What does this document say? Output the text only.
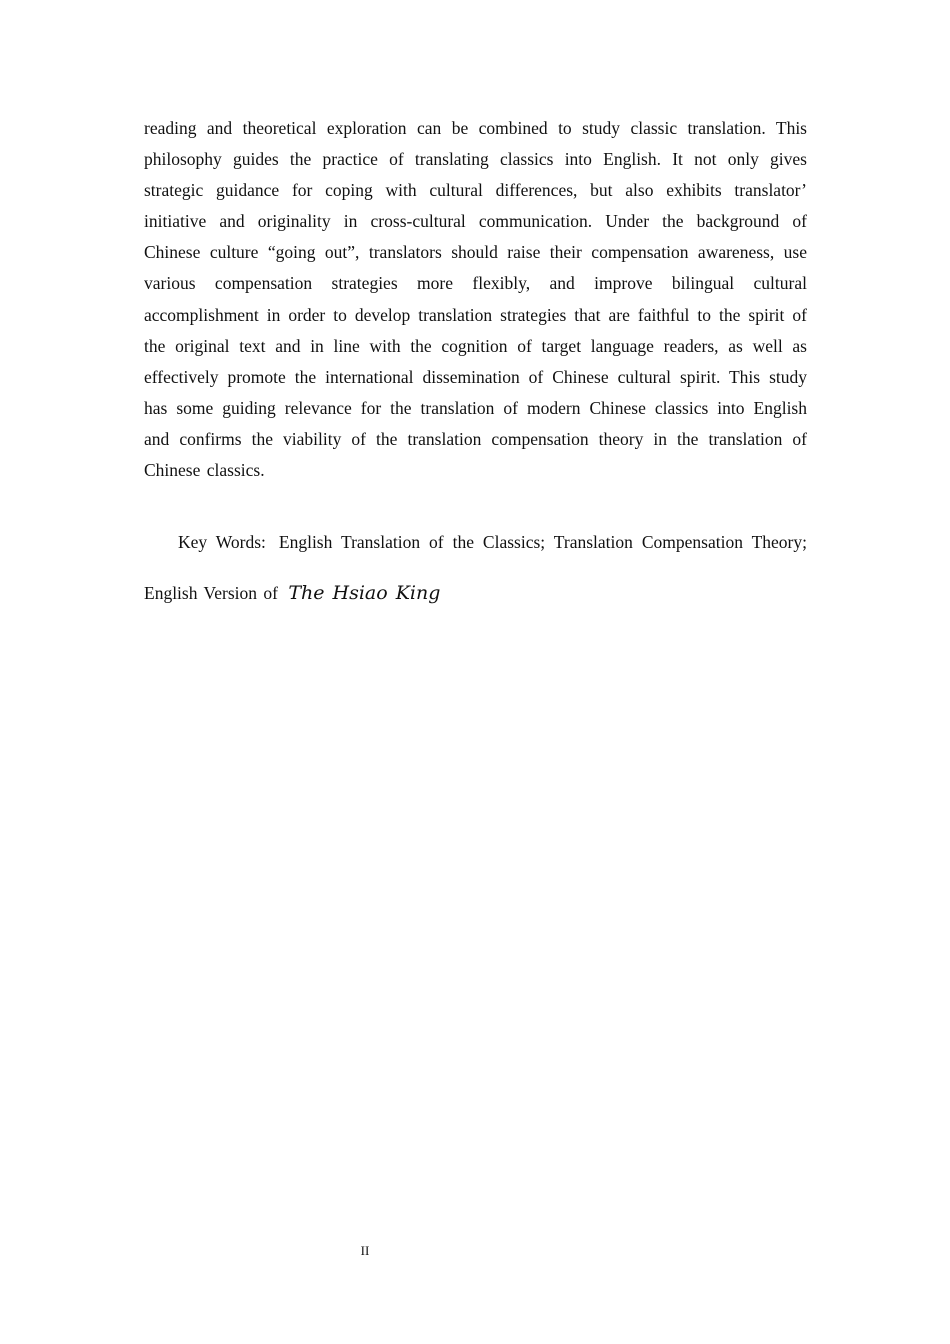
reading and theoretical exploration can be combined to study classic translation. This philosophy guides the practice of translating classics into English. It not only gives strategic guidance for coping with cultural differences, but also exhibits translator’ initiative and originality in cross-cultural communication. Under the background of Chinese culture “going out”, translators should raise their compensation awareness, use various compensation strategies more flexibly, and improve bilingual cultural accomplishment in order to develop translation strategies that are faithful to the spirit of the original text and in line with the cognition of target language readers, as well as effectively promote the international dissemination of Chinese cultural spirit. This study has some guiding relevance for the translation of modern Chinese classics into English and confirms the viability of the translation compensation theory in the translation of Chinese classics.

Key Words: English Translation of the Classics; Translation Compensation Theory; English Version of The Hsiao King

II
